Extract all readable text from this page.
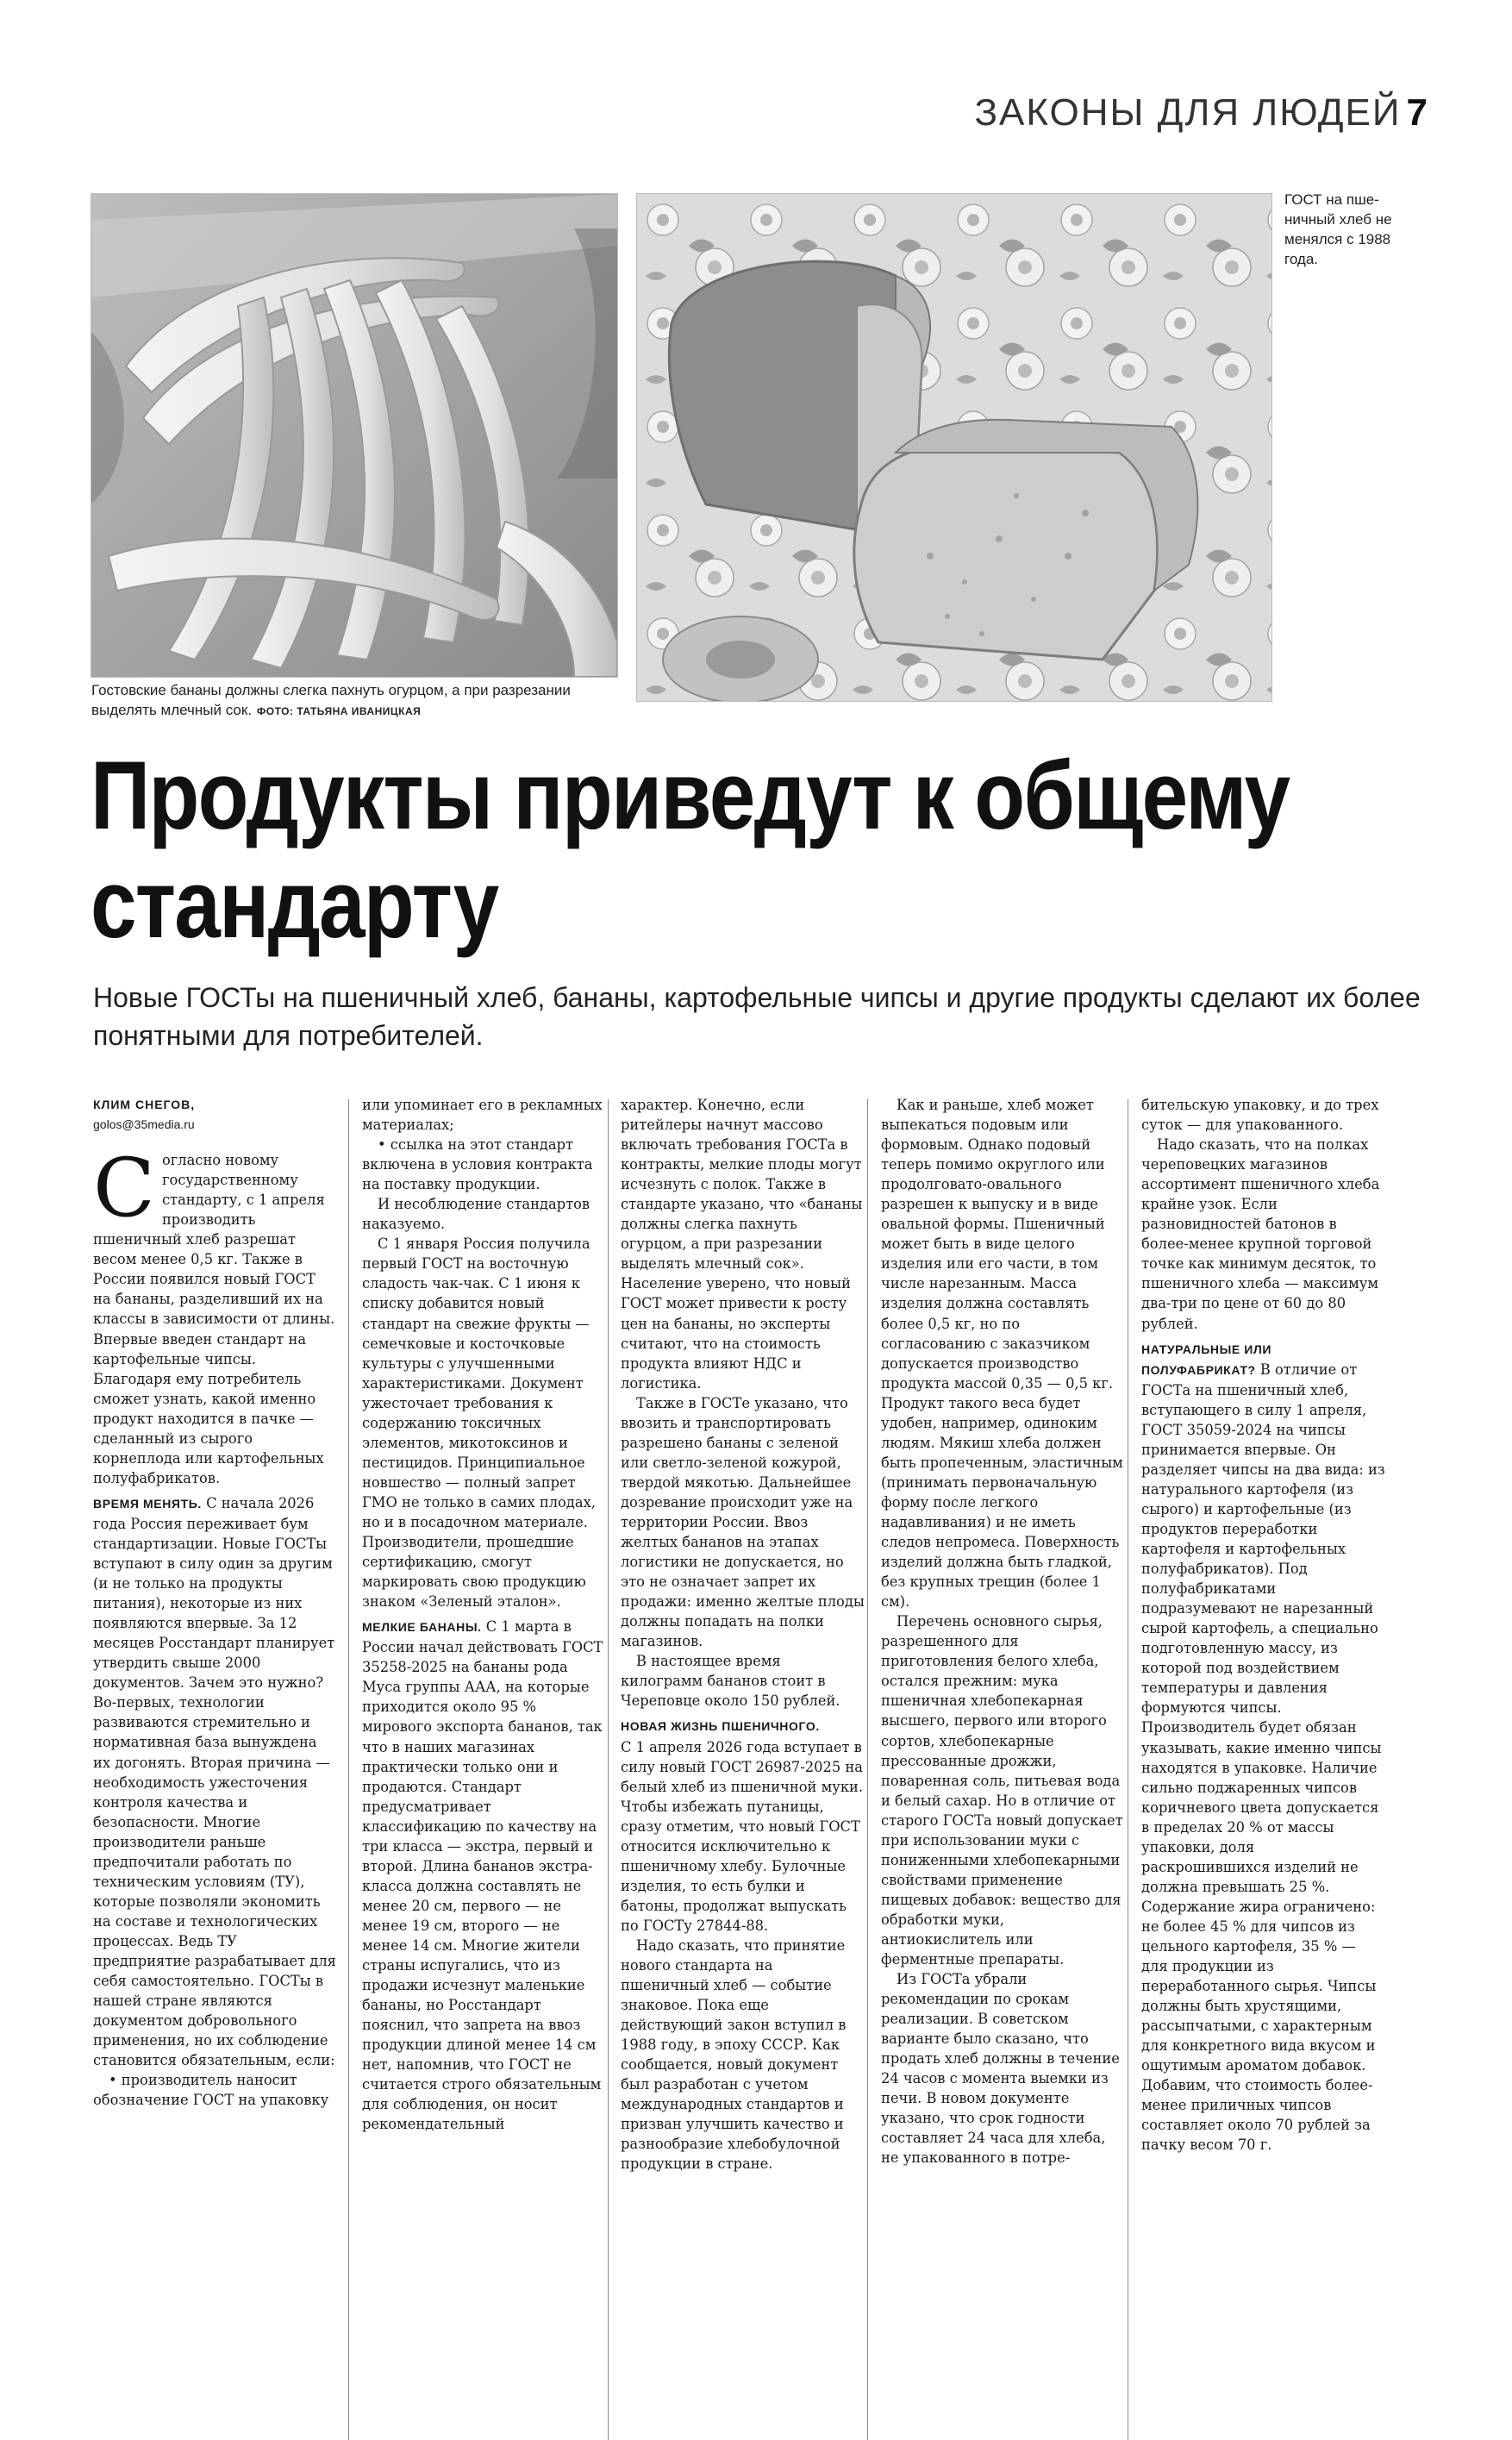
ЗАКОНЫ ДЛЯ ЛЮДЕЙ 7
Гостовские бананы должны слегка пахнуть огурцом, а при разрезании выделять млечный сок. ФОТО: ТАТЬЯНА ИВАНИЦКАЯ
ГОСТ на пшеничный хлеб не менялся с 1988 года.
Продукты приведут к общему
стандарту
Новые ГОСТы на пшеничный хлеб, бананы, картофельные чипсы и другие продукты сделают их более понятными для потребителей.
КЛИМ СНЕГОВ,
golos@35media.ru

Согласно новому государственному стандарту, с 1 апреля производить пшеничный хлеб разрешат весом менее 0,5 кг. Также в России появился новый ГОСТ на бананы, разделивший их на классы в зависимости от длины. Впервые введен стандарт на картофельные чипсы. Благодаря ему потребитель сможет узнать, какой именно продукт находится в пачке — сделанный из сырого корнеплода или картофельных полуфабрикатов.

ВРЕМЯ МЕНЯТЬ. С начала 2026 года Россия переживает бум стандартизации. Новые ГОСТы вступают в силу один за другим (и не только на продукты питания), некоторые из них появляются впервые. За 12 месяцев Росстандарт планирует утвердить свыше 2000 документов. Зачем это нужно? Во-первых, технологии развиваются стремительно и нормативная база вынуждена их догонять. Вторая причина — необходимость ужесточения контроля качества и безопасности. Многие производители раньше предпочитали работать по техническим условиям (ТУ), которые позволяли экономить на составе и технологических процессах. Ведь ТУ предприятие разрабатывает для себя самостоятельно. ГОСТы в нашей стране являются документом добровольного применения, но их соблюдение становится обязательным, если:

• производитель наносит обозначение ГОСТ на упаковку

или упоминает его в рекламных материалах;

• ссылка на этот стандарт включена в условия контракта на поставку продукции.

И несоблюдение стандартов наказуемо.

С 1 января Россия получила первый ГОСТ на восточную сладость чак-чак. С 1 июня к списку добавится новый стандарт на свежие фрукты — семечковые и косточковые культуры с улучшенными характеристиками. Документ ужесточает требования к содержанию токсичных элементов, микотоксинов и пестицидов. Принципиальное новшество — полный запрет ГМО не только в самих плодах, но и в посадочном материале. Производители, прошедшие сертификацию, смогут маркировать свою продукцию знаком «Зеленый эталон».

МЕЛКИЕ БАНАНЫ. С 1 марта в России начал действовать ГОСТ 35258-2025 на бананы рода Муса группы ААА, на которые приходится около 95 % мирового экспорта бананов, так что в наших магазинах практически только они и продаются. Стандарт предусматривает классификацию по качеству на три класса — экстра, первый и второй. Длина бананов экстра-класса должна составлять не менее 20 см, первого — не менее 19 см, второго — не менее 14 см. Многие жители страны испугались, что из продажи исчезнут маленькие бананы, но Росстандарт пояснил, что запрета на ввоз продукции длиной менее 14 см нет, напомнив, что ГОСТ не считается строго обязательным для соблюдения, он носит рекомендательный

характер. Конечно, если ритейлеры начнут массово включать требования ГОСТа в контракты, мелкие плоды могут исчезнуть с полок. Также в стандарте указано, что «бананы должны слегка пахнуть огурцом, а при разрезании выделять млечный сок». Население уверено, что новый ГОСТ может привести к росту цен на бананы, но эксперты считают, что на стоимость продукта влияют НДС и логистика.

Также в ГОСТе указано, что ввозить и транспортировать разрешено бананы с зеленой или светло-зеленой кожурой, твердой мякотью. Дальнейшее дозревание происходит уже на территории России. Ввоз желтых бананов на этапах логистики не допускается, но это не означает запрет их продажи: именно желтые плоды должны попадать на полки магазинов.

В настоящее время килограмм бананов стоит в Череповце около 150 рублей.

НОВАЯ ЖИЗНЬ ПШЕНИЧНОГО.

С 1 апреля 2026 года вступает в силу новый ГОСТ 26987-2025 на белый хлеб из пшеничной муки. Чтобы избежать путаницы, сразу отметим, что новый ГОСТ относится исключительно к пшеничному хлебу. Булочные изделия, то есть булки и батоны, продолжат выпускать по ГОСТу 27844-88.

Надо сказать, что принятие нового стандарта на пшеничный хлеб — событие знаковое. Пока еще действующий закон вступил в 1988 году, в эпоху СССР. Как сообщается, новый документ был разработан с учетом международных стандартов и призван улучшить качество и разнообразие хлебобулочной продукции в стране.

Как и раньше, хлеб может выпекаться подовым или формовым. Однако подовый теперь помимо округлого или продолговато-овального разрешен к выпуску и в виде овальной формы. Пшеничный может быть в виде целого изделия или его части, в том числе нарезанным. Масса изделия должна составлять более 0,5 кг, но по согласованию с заказчиком допускается производство продукта массой 0,35 — 0,5 кг. Продукт такого веса будет удобен, например, одиноким людям. Мякиш хлеба должен быть пропеченным, эластичным (принимать первоначальную форму после легкого надавливания) и не иметь следов непромеса. Поверхность изделий должна быть гладкой, без крупных трещин (более 1 см).

Перечень основного сырья, разрешенного для приготовления белого хлеба, остался прежним: мука пшеничная хлебопекарная высшего, первого или второго сортов, хлебопекарные прессованные дрожжи, поваренная соль, питьевая вода и белый сахар. Но в отличие от старого ГОСТа новый допускает при использовании муки с пониженными хлебопекарными свойствами применение пищевых добавок: вещество для обработки муки, антиокислитель или ферментные препараты.

Из ГОСТа убрали рекомендации по срокам реализации. В советском варианте было сказано, что продать хлеб должны в течение 24 часов с момента выемки из печи. В новом документе указано, что срок годности составляет 24 часа для хлеба, не упакованного в потре-

бительскую упаковку, и до трех суток — для упакованного.

Надо сказать, что на полках череповецких магазинов ассортимент пшеничного хлеба крайне узок. Если разновидностей батонов в более-менее крупной торговой точке как минимум десяток, то пшеничного хлеба — максимум два-три по цене от 60 до 80 рублей.

НАТУРАЛЬНЫЕ ИЛИ ПОЛУФАБРИКАТ? В отличие от ГОСТа на пшеничный хлеб, вступающего в силу 1 апреля, ГОСТ 35059-2024 на чипсы принимается впервые. Он разделяет чипсы на два вида: из натурального картофеля (из сырого) и картофельные (из продуктов переработки картофеля и картофельных полуфабрикатов). Под полуфабрикатами подразумевают не нарезанный сырой картофель, а специально подготовленную массу, из которой под воздействием температуры и давления формуются чипсы. Производитель будет обязан указывать, какие именно чипсы находятся в упаковке. Наличие сильно поджаренных чипсов коричневого цвета допускается в пределах 20 % от массы упаковки, доля раскрошившихся изделий не должна превышать 25 %. Содержание жира ограничено: не более 45 % для чипсов из цельного картофеля, 35 % — для продукции из переработанного сырья. Чипсы должны быть хрустящими, рассыпчатыми, с характерным для конкретного вида вкусом и ощутимым ароматом добавок. Добавим, что стоимость более-менее приличных чипсов составляет около 70 рублей за пачку весом 70 г.
